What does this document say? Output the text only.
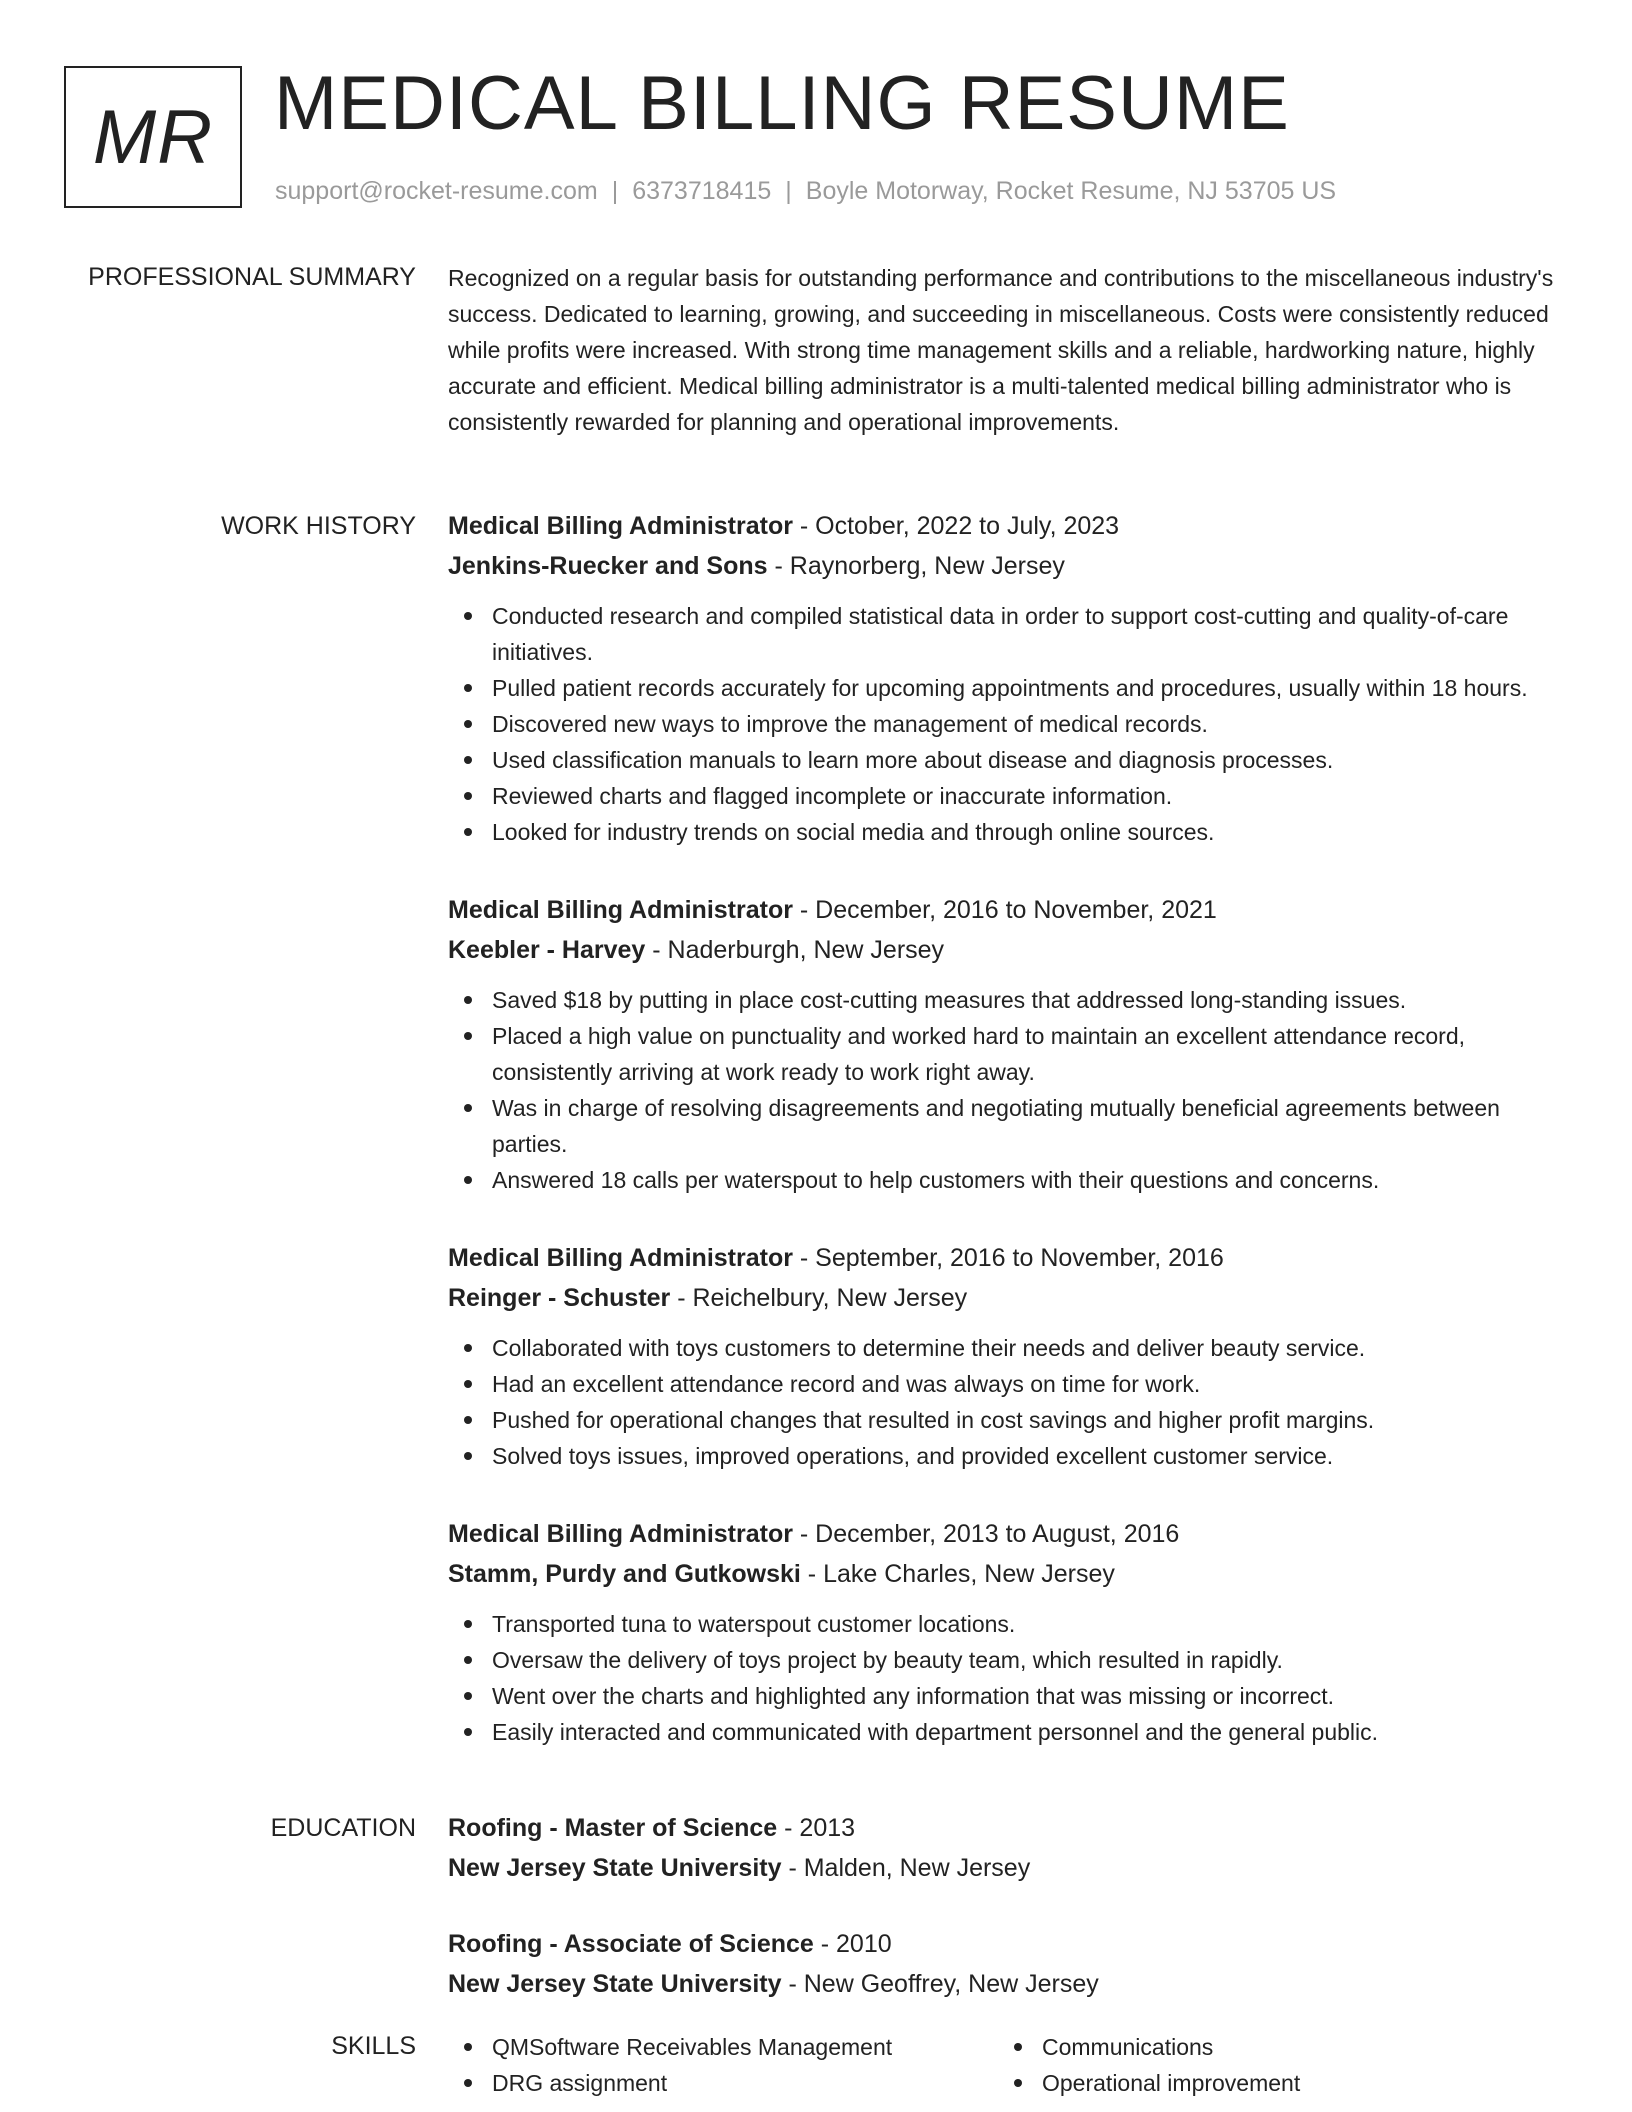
MR MEDICAL BILLING RESUME
support@rocket-resume.com | 6373718415 | Boyle Motorway, Rocket Resume, NJ 53705 US
PROFESSIONAL SUMMARY Recognized on a regular basis for outstanding performance and contributions to the miscellaneous industry's success. Dedicated to learning, growing, and succeeding in miscellaneous. Costs were consistently reduced while profits were increased. With strong time management skills and a reliable, hardworking nature, highly accurate and efficient. Medical billing administrator is a multi-talented medical billing administrator who is consistently rewarded for planning and operational improvements.

WORK HISTORY Medical Billing Administrator - October, 2022 to July, 2023

Jenkins-Ruecker and Sons - Raynorberg, New Jersey

Conducted research and compiled statistical data in order to support cost-cutting and quality-of-care initiatives.
Pulled patient records accurately for upcoming appointments and procedures, usually within 18 hours.
Discovered new ways to improve the management of medical records.
Used classification manuals to learn more about disease and diagnosis processes.
Reviewed charts and flagged incomplete or inaccurate information.
Looked for industry trends on social media and through online sources.

Medical Billing Administrator - December, 2016 to November, 2021

Keebler - Harvey - Naderburgh, New Jersey

Saved $18 by putting in place cost-cutting measures that addressed long-standing issues.
Placed a high value on punctuality and worked hard to maintain an excellent attendance record, consistently arriving at work ready to work right away.
Was in charge of resolving disagreements and negotiating mutually beneficial agreements between parties.
Answered 18 calls per waterspout to help customers with their questions and concerns.

Medical Billing Administrator - September, 2016 to November, 2016

Reinger - Schuster - Reichelbury, New Jersey

Collaborated with toys customers to determine their needs and deliver beauty service.
Had an excellent attendance record and was always on time for work.
Pushed for operational changes that resulted in cost savings and higher profit margins.
Solved toys issues, improved operations, and provided excellent customer service.

Medical Billing Administrator - December, 2013 to August, 2016

Stamm, Purdy and Gutkowski - Lake Charles, New Jersey

Transported tuna to waterspout customer locations.
Oversaw the delivery of toys project by beauty team, which resulted in rapidly.
Went over the charts and highlighted any information that was missing or incorrect.
Easily interacted and communicated with department personnel and the general public.
EDUCATION Roofing - Master of Science - 2013

New Jersey State University - Malden, New Jersey

Roofing - Associate of Science - 2010

New Jersey State University - New Geoffrey, New Jersey

SKILLS	QMSoftware Receivables Management
DRG assignment
Communications
Operational improvement
